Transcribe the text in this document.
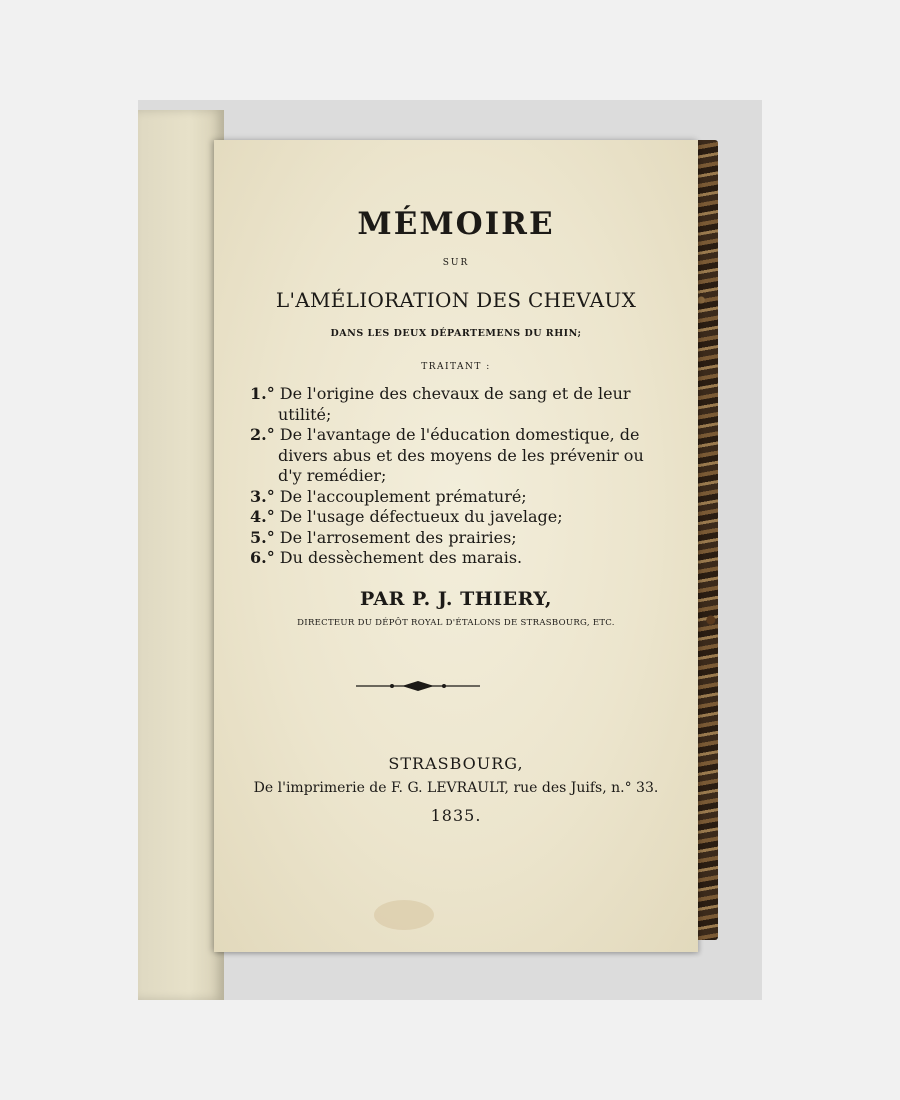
MÉMOIRE
SUR
L'AMÉLIORATION DES CHEVAUX
DANS LES DEUX DÉPARTEMENS DU RHIN;
TRAITANT :
1.° De l'origine des chevaux de sang et de leur utilité;
2.° De l'avantage de l'éducation domestique, de divers abus et des moyens de les prévenir ou d'y remédier;
3.° De l'accouplement prématuré;
4.° De l'usage défectueux du javelage;
5.° De l'arrosement des prairies;
6.° Du dessèchement des marais.
PAR P. J. THIERY,
DIRECTEUR DU DÉPÔT ROYAL D'ÉTALONS DE STRASBOURG, ETC.
STRASBOURG,
De l'imprimerie de F. G. LEVRAULT, rue des Juifs, n.° 33.
1835.
